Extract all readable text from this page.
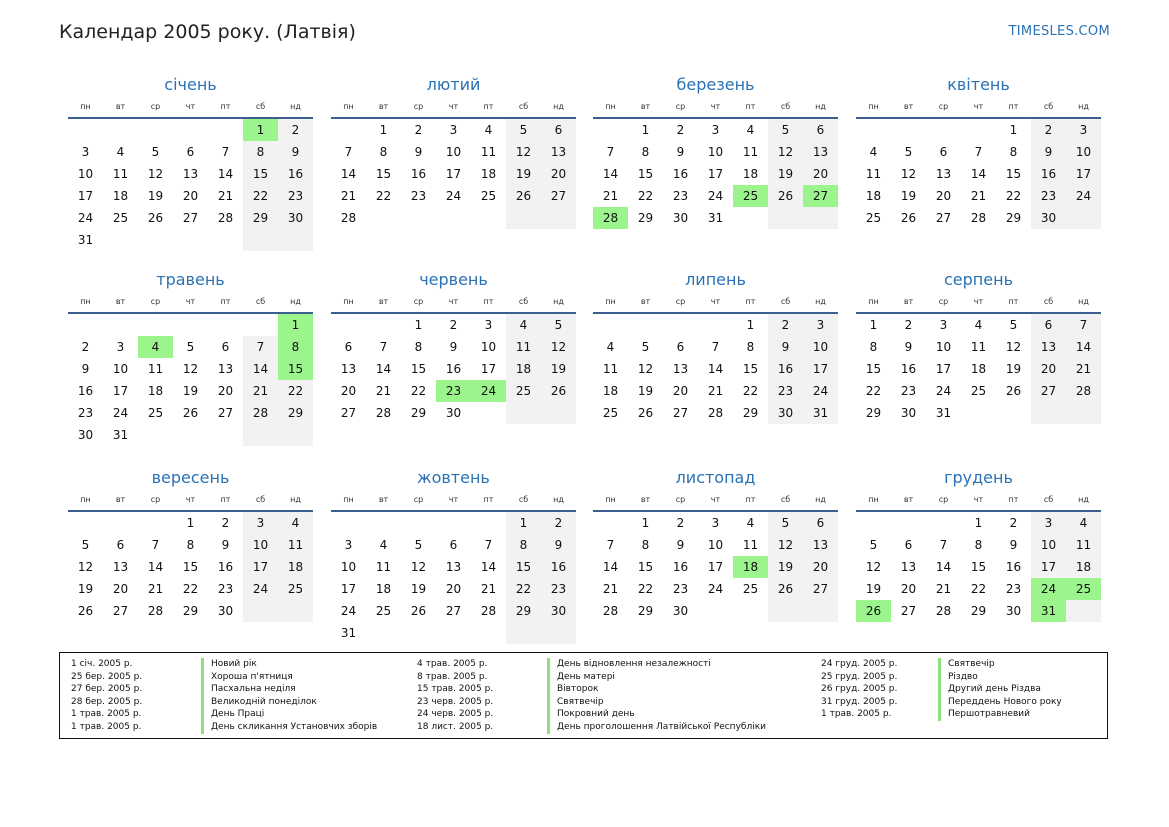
Календар 2005 року. (Латвія)	TIMESLES.COM
січень
пн	вт	ср	чт	пт	сб	нд
					1	2
3	4	5	6	7	8	9
10	11	12	13	14	15	16
17	18	19	20	21	22	23
24	25	26	27	28	29	30
31						
лютий
пн	вт	ср	чт	пт	сб	нд
	1	2	3	4	5	6
7	8	9	10	11	12	13
14	15	16	17	18	19	20
21	22	23	24	25	26	27
28						
березень
пн	вт	ср	чт	пт	сб	нд
	1	2	3	4	5	6
7	8	9	10	11	12	13
14	15	16	17	18	19	20
21	22	23	24	25	26	27
28	29	30	31			
квітень
пн	вт	ср	чт	пт	сб	нд
				1	2	3
4	5	6	7	8	9	10
11	12	13	14	15	16	17
18	19	20	21	22	23	24
25	26	27	28	29	30	
травень
пн	вт	ср	чт	пт	сб	нд
						1
2	3	4	5	6	7	8
9	10	11	12	13	14	15
16	17	18	19	20	21	22
23	24	25	26	27	28	29
30	31					
червень
пн	вт	ср	чт	пт	сб	нд
		1	2	3	4	5
6	7	8	9	10	11	12
13	14	15	16	17	18	19
20	21	22	23	24	25	26
27	28	29	30			
липень
пн	вт	ср	чт	пт	сб	нд
				1	2	3
4	5	6	7	8	9	10
11	12	13	14	15	16	17
18	19	20	21	22	23	24
25	26	27	28	29	30	31
серпень
пн	вт	ср	чт	пт	сб	нд
1	2	3	4	5	6	7
8	9	10	11	12	13	14
15	16	17	18	19	20	21
22	23	24	25	26	27	28
29	30	31				
вересень
пн	вт	ср	чт	пт	сб	нд
			1	2	3	4
5	6	7	8	9	10	11
12	13	14	15	16	17	18
19	20	21	22	23	24	25
26	27	28	29	30		
жовтень
пн	вт	ср	чт	пт	сб	нд
					1	2
3	4	5	6	7	8	9
10	11	12	13	14	15	16
17	18	19	20	21	22	23
24	25	26	27	28	29	30
31						
листопад
пн	вт	ср	чт	пт	сб	нд
	1	2	3	4	5	6
7	8	9	10	11	12	13
14	15	16	17	18	19	20
21	22	23	24	25	26	27
28	29	30				
грудень
пн	вт	ср	чт	пт	сб	нд
			1	2	3	4
5	6	7	8	9	10	11
12	13	14	15	16	17	18
19	20	21	22	23	24	25
26	27	28	29	30	31	
1 січ. 2005 р.	Новий рік
25 бер. 2005 р.	Хороша п'ятниця
27 бер. 2005 р.	Пасхальна неділя
28 бер. 2005 р.	Великодній понеділок
1 трав. 2005 р.	День Праці
1 трав. 2005 р.	День скликання Установчих зборів
4 трав. 2005 р.	День відновлення незалежності
8 трав. 2005 р.	День матері
15 трав. 2005 р.	Вівторок
23 черв. 2005 р.	Святвечір
24 черв. 2005 р.	Покровний день
18 лист. 2005 р.	День проголошення Латвійської Республіки
24 груд. 2005 р.	Святвечір
25 груд. 2005 р.	Різдво
26 груд. 2005 р.	Другий день Різдва
31 груд. 2005 р.	Переддень Нового року
1 трав. 2005 р.	Першотравневий
